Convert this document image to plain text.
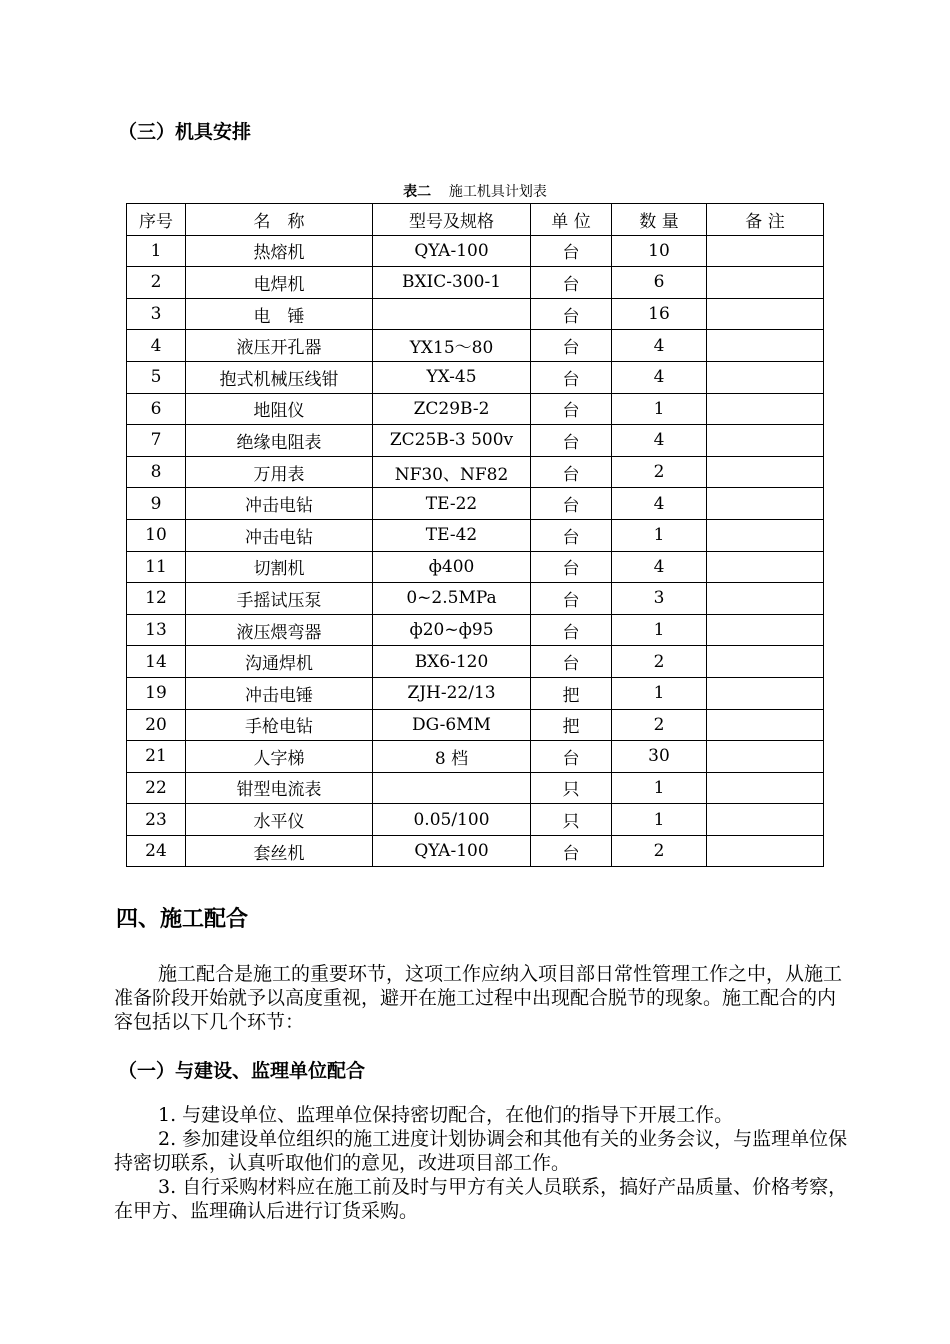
（三）机具安排
表二 施工机具计划表
序号	名　称	型号及规格	单 位	数 量	备 注
1	热熔机	QYA-100	台	10	
2	电焊机	BXIC-300-1	台	6	
3	电　锤		台	16	
4	液压开孔器	YX15～80	台	4	
5	抱式机械压线钳	YX-45	台	4	
6	地阻仪	ZC29B-2	台	1	
7	绝缘电阻表	ZC25B-3 500v	台	4	
8	万用表	NF30、NF82	台	2	
9	冲击电钻	TE-22	台	4	
10	冲击电钻	TE-42	台	1	
11	切割机	ф400	台	4	
12	手摇试压泵	0~2.5MPa	台	3	
13	液压煨弯器	ф20~ф95	台	1	
14	沟通焊机	BX6-120	台	2	
19	冲击电锤	ZJH-22/13	把	1	
20	手枪电钻	DG-6MM	把	2	
21	人字梯	8 档	台	30	
22	钳型电流表		只	1	
23	水平仪	0.05/100	只	1	
24	套丝机	QYA-100	台	2	
四、施工配合

施工配合是施工的重要环节，这项工作应纳入项目部日常性管理工作之中，从施工准备阶段开始就予以高度重视，避开在施工过程中出现配合脱节的现象。施工配合的内容包括以下几个环节：

（一）与建设、监理单位配合

1. 与建设单位、监理单位保持密切配合，在他们的指导下开展工作。

2. 参加建设单位组织的施工进度计划协调会和其他有关的业务会议，与监理单位保持密切联系，认真听取他们的意见，改进项目部工作。

3. 自行采购材料应在施工前及时与甲方有关人员联系，搞好产品质量、价格考察，在甲方、监理确认后进行订货采购。
